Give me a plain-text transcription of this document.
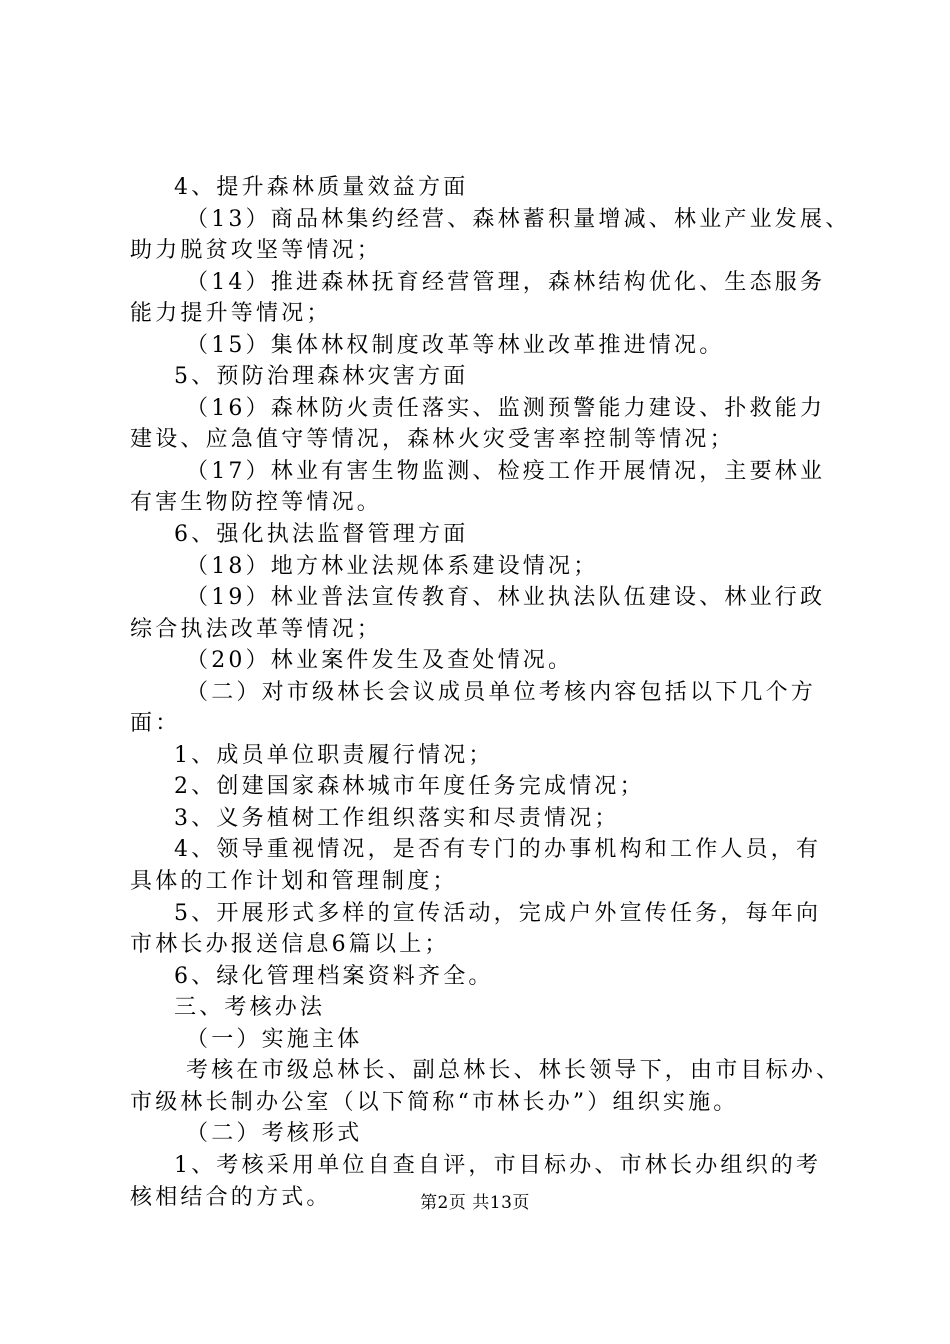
4、提升森林质量效益方面
（13）商品林集约经营、森林蓄积量增减、林业产业发展、
助力脱贫攻坚等情况；
（14）推进森林抚育经营管理，森林结构优化、生态服务
能力提升等情况；
（15）集体林权制度改革等林业改革推进情况。
5、预防治理森林灾害方面
（16）森林防火责任落实、监测预警能力建设、扑救能力
建设、应急值守等情况，森林火灾受害率控制等情况；
（17）林业有害生物监测、检疫工作开展情况，主要林业
有害生物防控等情况。
6、强化执法监督管理方面
（18）地方林业法规体系建设情况；
（19）林业普法宣传教育、林业执法队伍建设、林业行政
综合执法改革等情况；
（20）林业案件发生及查处情况。
（二）对市级林长会议成员单位考核内容包括以下几个方
面：
1、成员单位职责履行情况；
2、创建国家森林城市年度任务完成情况；
3、义务植树工作组织落实和尽责情况；
4、领导重视情况，是否有专门的办事机构和工作人员，有
具体的工作计划和管理制度；
5、开展形式多样的宣传活动，完成户外宣传任务，每年向
市林长办报送信息6篇以上；
6、绿化管理档案资料齐全。
三、考核办法
（一）实施主体
考核在市级总林长、副总林长、林长领导下，由市目标办、
市级林长制办公室（以下简称“市林长办”）组织实施。
（二）考核形式
1、考核采用单位自查自评，市目标办、市林长办组织的考
核相结合的方式。	第2页 共13页
